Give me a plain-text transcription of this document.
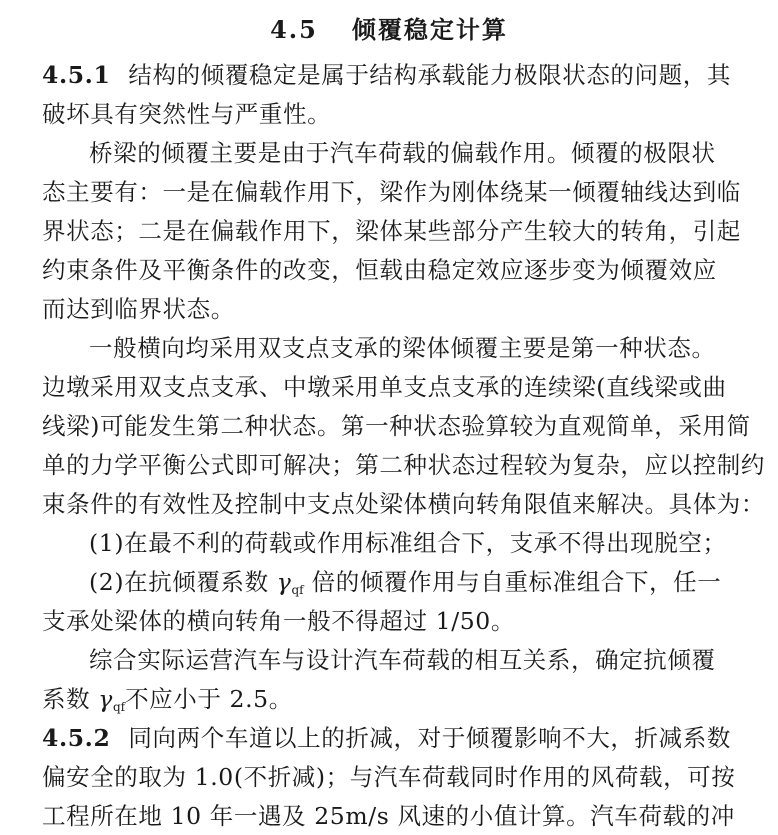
4.5 倾覆稳定计算
4.5.1 结构的倾覆稳定是属于结构承载能力极限状态的问题，其
破坏具有突然性与严重性。
桥梁的倾覆主要是由于汽车荷载的偏载作用。倾覆的极限状
态主要有：一是在偏载作用下，梁作为刚体绕某一倾覆轴线达到临
界状态；二是在偏载作用下，梁体某些部分产生较大的转角，引起
约束条件及平衡条件的改变，恒载由稳定效应逐步变为倾覆效应
而达到临界状态。
一般横向均采用双支点支承的梁体倾覆主要是第一种状态。
边墩采用双支点支承、中墩采用单支点支承的连续梁(直线梁或曲
线梁)可能发生第二种状态。第一种状态验算较为直观简单，采用简
单的力学平衡公式即可解决；第二种状态过程较为复杂，应以控制约
束条件的有效性及控制中支点处梁体横向转角限值来解决。具体为：
(1)在最不利的荷载或作用标准组合下，支承不得出现脱空；
(2)在抗倾覆系数 $\gamma_{qf}$ 倍的倾覆作用与自重标准组合下，任一
支承处梁体的横向转角一般不得超过 1/50。
综合实际运营汽车与设计汽车荷载的相互关系，确定抗倾覆
系数 $\gamma_{qf}$不应小于 2.5。
4.5.2 同向两个车道以上的折减，对于倾覆影响不大，折减系数
偏安全的取为 1.0(不折减)；与汽车荷载同时作用的风荷载，可按
工程所在地 10 年一遇及 25m/s 风速的小值计算。汽车荷载的冲
